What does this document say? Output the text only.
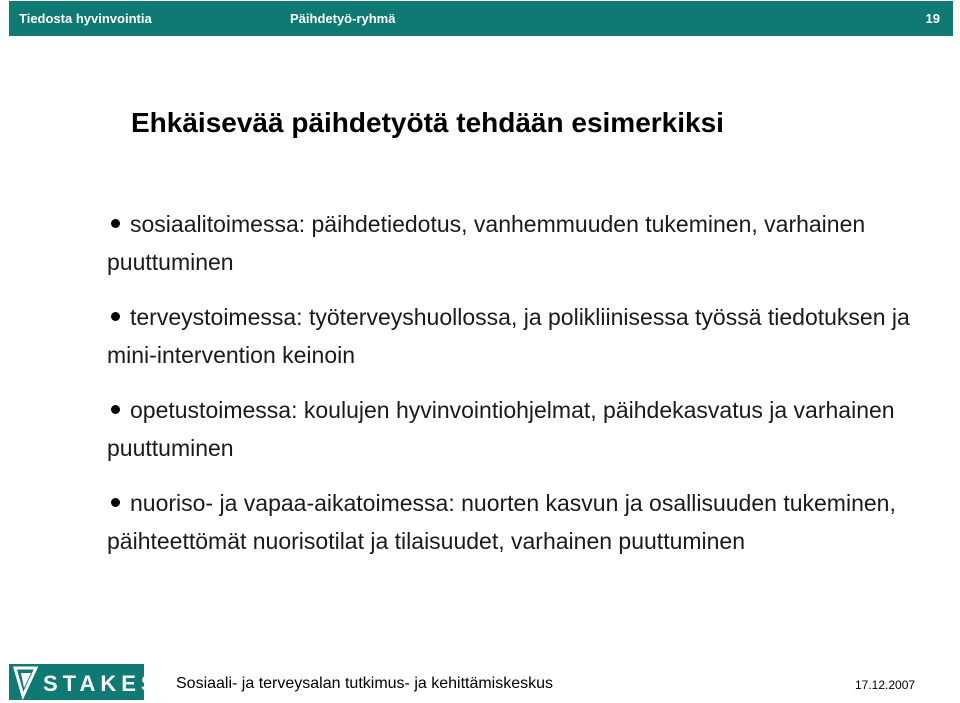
Tiedosta hyvinvointia	Päihdetyö-ryhmä	19
Ehkäisevää päihdetyötä tehdään esimerkiksi

sosiaalitoimessa: päihdetiedotus, vanhemmuuden tukeminen, varhainen puuttuminen

terveystoimessa: työterveyshuollossa, ja polikliinisessa työssä tiedotuksen ja mini-intervention keinoin

opetustoimessa: koulujen hyvinvointiohjelmat, päihdekasvatus ja varhainen puuttuminen

nuoriso- ja vapaa-aikatoimessa: nuorten kasvun ja osallisuuden tukeminen, päihteettömät nuorisotilat ja tilaisuudet, varhainen puuttuminen

STAKES Sosiaali- ja terveysalan tutkimus- ja kehittämiskeskus	17.12.2007
